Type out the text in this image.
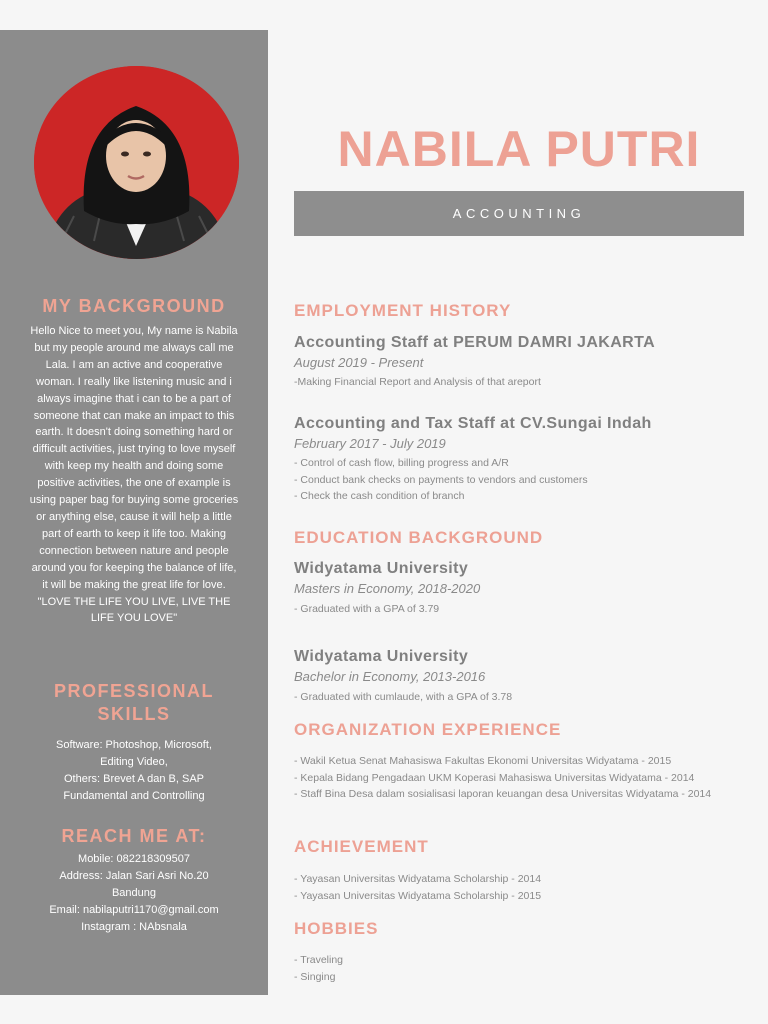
MY BACKGROUND

Hello Nice to meet you, My name is Nabila but my people around me always call me Lala. I am an active and cooperative woman. I really like listening music and i always imagine that i can to be a part of someone that can make an impact to this earth. It doesn't doing something hard or difficult activities, just trying to love myself with keep my health and doing some positive activities, the one of example is using paper bag for buying some groceries or anything else, cause it will help a little part of earth to keep it life too. Making connection between nature and people around you for keeping the balance of life, it will be making the great life for love. "LOVE THE LIFE YOU LIVE, LIVE THE LIFE YOU LOVE"

PROFESSIONAL
SKILLS

Software: Photoshop, Microsoft, Editing Video,

Others: Brevet A dan B, SAP Fundamental and Controlling

REACH ME AT:

Mobile: 082218309507

Address: Jalan Sari Asri No.20 Bandung

Email: nabilaputri1170@gmail.com

Instagram : NAbsnala

NABILA PUTRI
ACCOUNTING
EMPLOYMENT HISTORY
Accounting Staff at PERUM DAMRI JAKARTA

August 2019 - Present

-Making Financial Report and Analysis of that areport
Accounting and Tax Staff at CV.Sungai Indah

February 2017 - July 2019

- Control of cash flow, billing progress and A/R
- Conduct bank checks on payments to vendors and customers
- Check the cash condition of branch
EDUCATION BACKGROUND
Widyatama University

Masters in Economy, 2018-2020

- Graduated with a GPA of 3.79
Widyatama University

Bachelor in Economy, 2013-2016

- Graduated with cumlaude, with a GPA of 3.78
ORGANIZATION EXPERIENCE
- Wakil Ketua Senat Mahasiswa Fakultas Ekonomi Universitas Widyatama - 2015
- Kepala Bidang Pengadaan UKM Koperasi Mahasiswa Universitas Widyatama - 2014
- Staff Bina Desa dalam sosialisasi laporan keuangan desa Universitas Widyatama - 2014
ACHIEVEMENT
- Yayasan Universitas Widyatama Scholarship - 2014
- Yayasan Universitas Widyatama Scholarship - 2015
HOBBIES
- Traveling
- Singing
